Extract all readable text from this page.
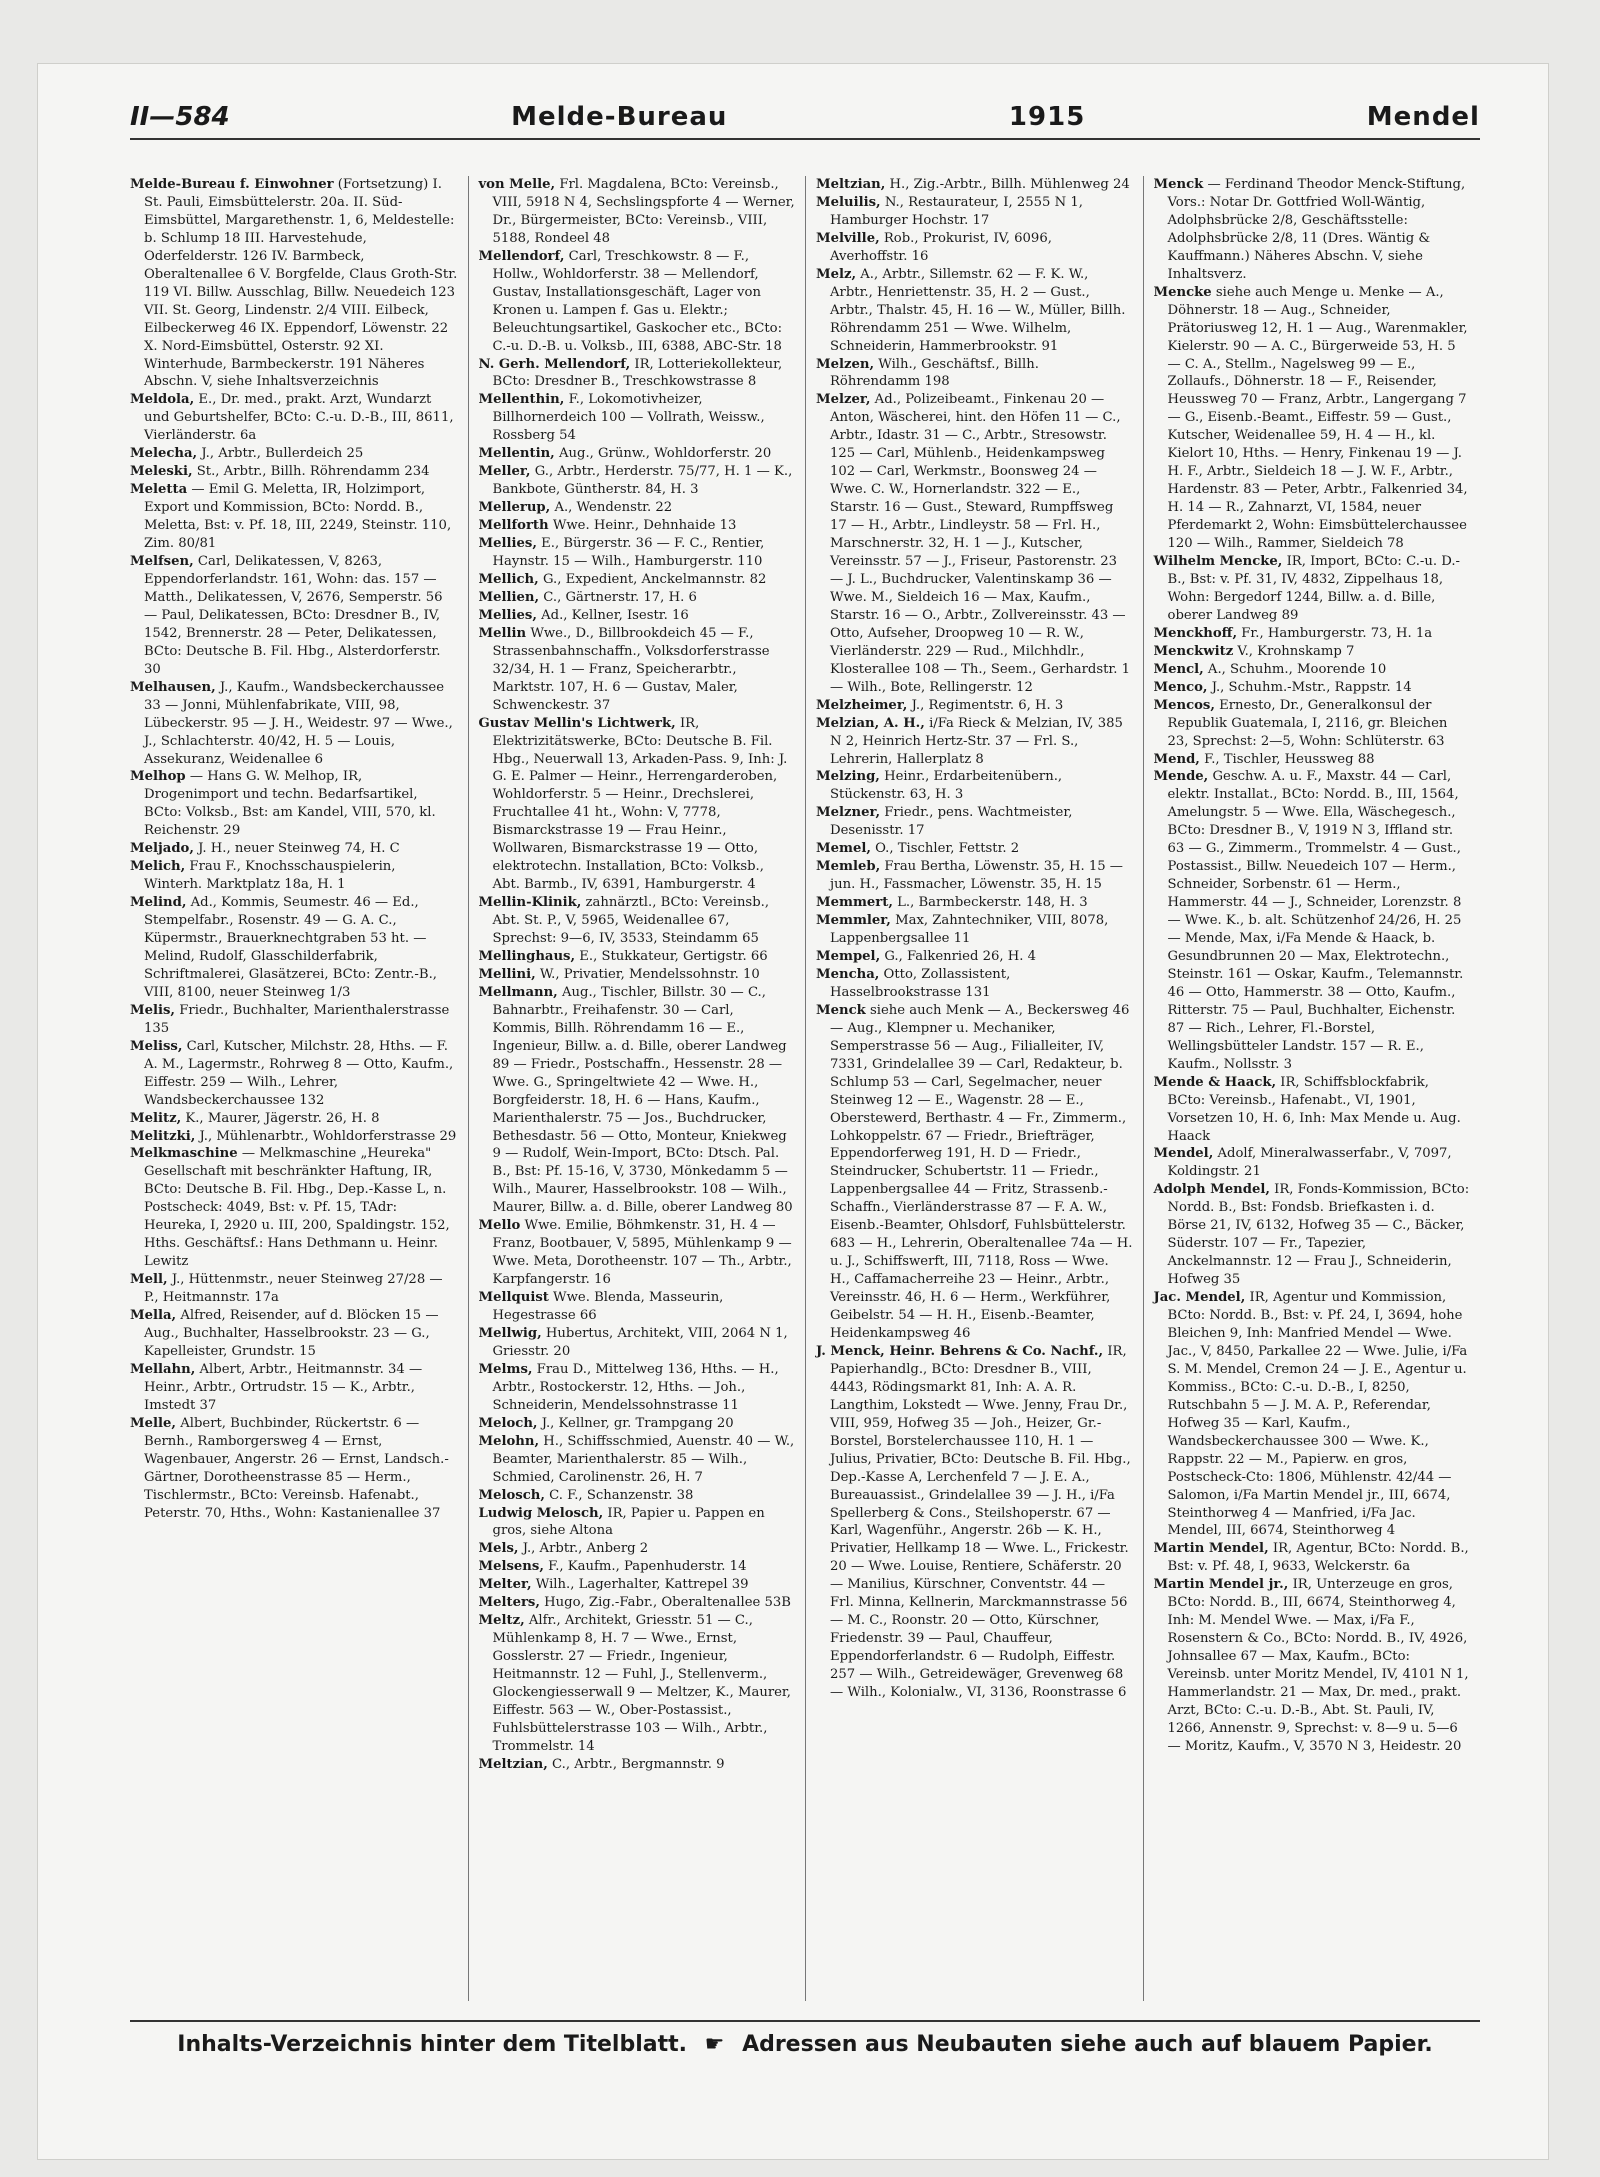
II—584	Melde-Bureau	1915	Mendel

Melde-Bureau f. Einwohner (Fortsetzung) I. St. Pauli, Eimsbüttelerstr. 20a. II. Süd-Eimsbüttel, Margarethenstr. 1, 6, Meldestelle: b. Schlump 18 III. Harvestehude, Oderfelderstr. 126 IV. Barmbeck, Oberaltenallee 6 V. Borgfelde, Claus Groth-Str. 119 VI. Billw. Ausschlag, Billw. Neuedeich 123 VII. St. Georg, Lindenstr. 2/4 VIII. Eilbeck, Eilbeckerweg 46 IX. Eppendorf, Löwenstr. 22 X. Nord-Eimsbüttel, Osterstr. 92 XI. Winterhude, Barmbeckerstr. 191 Näheres Abschn. V, siehe Inhaltsverzeichnis

Meldola, E., Dr. med., prakt. Arzt, Wundarzt und Geburtshelfer, BCto: C.-u. D.-B., III, 8611, Vierländerstr. 6a

Melecha, J., Arbtr., Bullerdeich 25

Meleski, St., Arbtr., Billh. Röhrendamm 234

Meletta — Emil G. Meletta, IR, Holzimport, Export und Kommission, BCto: Nordd. B., Meletta, Bst: v. Pf. 18, III, 2249, Steinstr. 110, Zim. 80/81

Melfsen, Carl, Delikatessen, V, 8263, Eppendorferlandstr. 161, Wohn: das. 157 — Matth., Delikatessen, V, 2676, Semperstr. 56 — Paul, Delikatessen, BCto: Dresdner B., IV, 1542, Brennerstr. 28 — Peter, Delikatessen, BCto: Deutsche B. Fil. Hbg., Alsterdorferstr. 30

Melhausen, J., Kaufm., Wandsbeckerchaussee 33 — Jonni, Mühlenfabrikate, VIII, 98, Lübeckerstr. 95 — J. H., Weidestr. 97 — Wwe., J., Schlachterstr. 40/42, H. 5 — Louis, Assekuranz, Weidenallee 6

Melhop — Hans G. W. Melhop, IR, Drogenimport und techn. Bedarfsartikel, BCto: Volksb., Bst: am Kandel, VIII, 570, kl. Reichenstr. 29

Meljado, J. H., neuer Steinweg 74, H. C

Melich, Frau F., Knochsschauspielerin, Winterh. Marktplatz 18a, H. 1

Melind, Ad., Kommis, Seumestr. 46 — Ed., Stempelfabr., Rosenstr. 49 — G. A. C., Küpermstr., Brauerknechtgraben 53 ht. — Melind, Rudolf, Glasschilderfabrik, Schriftmalerei, Glasätzerei, BCto: Zentr.-B., VIII, 8100, neuer Steinweg 1/3

Melis, Friedr., Buchhalter, Marienthalerstrasse 135

Meliss, Carl, Kutscher, Milchstr. 28, Hths. — F. A. M., Lagermstr., Rohrweg 8 — Otto, Kaufm., Eiffestr. 259 — Wilh., Lehrer, Wandsbeckerchaussee 132

Melitz, K., Maurer, Jägerstr. 26, H. 8

Melitzki, J., Mühlenarbtr., Wohldorferstrasse 29

Melkmaschine — Melkmaschine „Heureka" Gesellschaft mit beschränkter Haftung, IR, BCto: Deutsche B. Fil. Hbg., Dep.-Kasse L, n. Postscheck: 4049, Bst: v. Pf. 15, TAdr: Heureka, I, 2920 u. III, 200, Spaldingstr. 152, Hths. Geschäftsf.: Hans Dethmann u. Heinr. Lewitz

Mell, J., Hüttenmstr., neuer Steinweg 27/28 — P., Heitmannstr. 17a

Mella, Alfred, Reisender, auf d. Blöcken 15 — Aug., Buchhalter, Hasselbrookstr. 23 — G., Kapelleister, Grundstr. 15

Mellahn, Albert, Arbtr., Heitmannstr. 34 — Heinr., Arbtr., Ortrudstr. 15 — K., Arbtr., Imstedt 37

Melle, Albert, Buchbinder, Rückertstr. 6 — Bernh., Ramborgersweg 4 — Ernst, Wagenbauer, Angerstr. 26 — Ernst, Landsch.-Gärtner, Dorotheenstrasse 85 — Herm., Tischlermstr., BCto: Vereinsb. Hafenabt., Peterstr. 70, Hths., Wohn: Kastanienallee 37

von Melle, Frl. Magdalena, BCto: Vereinsb., VIII, 5918 N 4, Sechslingspforte 4 — Werner, Dr., Bürgermeister, BCto: Vereinsb., VIII, 5188, Rondeel 48

Mellendorf, Carl, Treschkowstr. 8 — F., Hollw., Wohldorferstr. 38 — Mellendorf, Gustav, Installationsgeschäft, Lager von Kronen u. Lampen f. Gas u. Elektr.; Beleuchtungsartikel, Gaskocher etc., BCto: C.-u. D.-B. u. Volksb., III, 6388, ABC-Str. 18

N. Gerh. Mellendorf, IR, Lotteriekollekteur, BCto: Dresdner B., Treschkowstrasse 8

Mellenthin, F., Lokomotivheizer, Billhornerdeich 100 — Vollrath, Weissw., Rossberg 54

Mellentin, Aug., Grünw., Wohldorferstr. 20

Meller, G., Arbtr., Herderstr. 75/77, H. 1 — K., Bankbote, Güntherstr. 84, H. 3

Mellerup, A., Wendenstr. 22

Mellforth Wwe. Heinr., Dehnhaide 13

Mellies, E., Bürgerstr. 36 — F. C., Rentier, Haynstr. 15 — Wilh., Hamburgerstr. 110

Mellich, G., Expedient, Anckelmannstr. 82

Mellien, C., Gärtnerstr. 17, H. 6

Mellies, Ad., Kellner, Isestr. 16

Mellin Wwe., D., Billbrookdeich 45 — F., Strassenbahnschaffn., Volksdorferstrasse 32/34, H. 1 — Franz, Speicherarbtr., Marktstr. 107, H. 6 — Gustav, Maler, Schwenckestr. 37

Gustav Mellin's Lichtwerk, IR, Elektrizitätswerke, BCto: Deutsche B. Fil. Hbg., Neuerwall 13, Arkaden-Pass. 9, Inh: J. G. E. Palmer — Heinr., Herrengarderoben, Wohldorferstr. 5 — Heinr., Drechslerei, Fruchtallee 41 ht., Wohn: V, 7778, Bismarckstrasse 19 — Frau Heinr., Wollwaren, Bismarckstrasse 19 — Otto, elektrotechn. Installation, BCto: Volksb., Abt. Barmb., IV, 6391, Hamburgerstr. 4

Mellin-Klinik, zahnärztl., BCto: Vereinsb., Abt. St. P., V, 5965, Weidenallee 67, Sprechst: 9—6, IV, 3533, Steindamm 65

Mellinghaus, E., Stukkateur, Gertigstr. 66

Mellini, W., Privatier, Mendelssohnstr. 10

Mellmann, Aug., Tischler, Billstr. 30 — C., Bahnarbtr., Freihafenstr. 30 — Carl, Kommis, Billh. Röhrendamm 16 — E., Ingenieur, Billw. a. d. Bille, oberer Landweg 89 — Friedr., Postschaffn., Hessenstr. 28 — Wwe. G., Springeltwiete 42 — Wwe. H., Borgfeiderstr. 18, H. 6 — Hans, Kaufm., Marienthalerstr. 75 — Jos., Buchdrucker, Bethesdastr. 56 — Otto, Monteur, Kniekweg 9 — Rudolf, Wein-Import, BCto: Dtsch. Pal. B., Bst: Pf. 15-16, V, 3730, Mönkedamm 5 — Wilh., Maurer, Hasselbrookstr. 108 — Wilh., Maurer, Billw. a. d. Bille, oberer Landweg 80

Mello Wwe. Emilie, Böhmkenstr. 31, H. 4 — Franz, Bootbauer, V, 5895, Mühlenkamp 9 — Wwe. Meta, Dorotheenstr. 107 — Th., Arbtr., Karpfangerstr. 16

Mellquist Wwe. Blenda, Masseurin, Hegestrasse 66

Mellwig, Hubertus, Architekt, VIII, 2064 N 1, Griesstr. 20

Melms, Frau D., Mittelweg 136, Hths. — H., Arbtr., Rostockerstr. 12, Hths. — Joh., Schneiderin, Mendelssohnstrasse 11

Meloch, J., Kellner, gr. Trampgang 20

Melohn, H., Schiffsschmied, Auenstr. 40 — W., Beamter, Marienthalerstr. 85 — Wilh., Schmied, Carolinenstr. 26, H. 7

Melosch, C. F., Schanzenstr. 38

Ludwig Melosch, IR, Papier u. Pappen en gros, siehe Altona

Mels, J., Arbtr., Anberg 2

Melsens, F., Kaufm., Papenhuderstr. 14

Melter, Wilh., Lagerhalter, Kattrepel 39

Melters, Hugo, Zig.-Fabr., Oberaltenallee 53B

Meltz, Alfr., Architekt, Griesstr. 51 — C., Mühlenkamp 8, H. 7 — Wwe., Ernst, Gosslerstr. 27 — Friedr., Ingenieur, Heitmannstr. 12 — Fuhl, J., Stellenverm., Glockengiesserwall 9 — Meltzer, K., Maurer, Eiffestr. 563 — W., Ober-Postassist., Fuhlsbüttelerstrasse 103 — Wilh., Arbtr., Trommelstr. 14

Meltzian, C., Arbtr., Bergmannstr. 9

Meltzian, H., Zig.-Arbtr., Billh. Mühlenweg 24

Meluilis, N., Restaurateur, I, 2555 N 1, Hamburger Hochstr. 17

Melville, Rob., Prokurist, IV, 6096, Averhoffstr. 16

Melz, A., Arbtr., Sillemstr. 62 — F. K. W., Arbtr., Henriettenstr. 35, H. 2 — Gust., Arbtr., Thalstr. 45, H. 16 — W., Müller, Billh. Röhrendamm 251 — Wwe. Wilhelm, Schneiderin, Hammerbrookstr. 91

Melzen, Wilh., Geschäftsf., Billh. Röhrendamm 198

Melzer, Ad., Polizeibeamt., Finkenau 20 — Anton, Wäscherei, hint. den Höfen 11 — C., Arbtr., Idastr. 31 — C., Arbtr., Stresowstr. 125 — Carl, Mühlenb., Heidenkampsweg 102 — Carl, Werkmstr., Boonsweg 24 — Wwe. C. W., Hornerlandstr. 322 — E., Starstr. 16 — Gust., Steward, Rumpffsweg 17 — H., Arbtr., Lindleystr. 58 — Frl. H., Marschnerstr. 32, H. 1 — J., Kutscher, Vereinsstr. 57 — J., Friseur, Pastorenstr. 23 — J. L., Buchdrucker, Valentinskamp 36 — Wwe. M., Sieldeich 16 — Max, Kaufm., Starstr. 16 — O., Arbtr., Zollvereinsstr. 43 — Otto, Aufseher, Droopweg 10 — R. W., Vierländerstr. 229 — Rud., Milchhdlr., Klosterallee 108 — Th., Seem., Gerhardstr. 1 — Wilh., Bote, Rellingerstr. 12

Melzheimer, J., Regimentstr. 6, H. 3

Melzian, A. H., i/Fa Rieck & Melzian, IV, 385 N 2, Heinrich Hertz-Str. 37 — Frl. S., Lehrerin, Hallerplatz 8

Melzing, Heinr., Erdarbeitenübern., Stückenstr. 63, H. 3

Melzner, Friedr., pens. Wachtmeister, Desenisstr. 17

Memel, O., Tischler, Fettstr. 2

Memleb, Frau Bertha, Löwenstr. 35, H. 15 — jun. H., Fassmacher, Löwenstr. 35, H. 15

Memmert, L., Barmbeckerstr. 148, H. 3

Memmler, Max, Zahntechniker, VIII, 8078, Lappenbergsallee 11

Mempel, G., Falkenried 26, H. 4

Mencha, Otto, Zollassistent, Hasselbrookstrasse 131

Menck siehe auch Menk — A., Beckersweg 46 — Aug., Klempner u. Mechaniker, Semperstrasse 56 — Aug., Filialleiter, IV, 7331, Grindelallee 39 — Carl, Redakteur, b. Schlump 53 — Carl, Segelmacher, neuer Steinweg 12 — E., Wagenstr. 28 — E., Oberstewerd, Berthastr. 4 — Fr., Zimmerm., Lohkoppelstr. 67 — Friedr., Briefträger, Eppendorferweg 191, H. D — Friedr., Steindrucker, Schubertstr. 11 — Friedr., Lappenbergsallee 44 — Fritz, Strassenb.-Schaffn., Vierländerstrasse 87 — F. A. W., Eisenb.-Beamter, Ohlsdorf, Fuhlsbüttelerstr. 683 — H., Lehrerin, Oberaltenallee 74a — H. u. J., Schiffswerft, III, 7118, Ross — Wwe. H., Caffamacherreihe 23 — Heinr., Arbtr., Vereinsstr. 46, H. 6 — Herm., Werkführer, Geibelstr. 54 — H. H., Eisenb.-Beamter, Heidenkampsweg 46

J. Menck, Heinr. Behrens & Co. Nachf., IR, Papierhandlg., BCto: Dresdner B., VIII, 4443, Rödingsmarkt 81, Inh: A. A. R. Langthim, Lokstedt — Wwe. Jenny, Frau Dr., VIII, 959, Hofweg 35 — Joh., Heizer, Gr.-Borstel, Borstelerchaussee 110, H. 1 — Julius, Privatier, BCto: Deutsche B. Fil. Hbg., Dep.-Kasse A, Lerchenfeld 7 — J. E. A., Bureauassist., Grindelallee 39 — J. H., i/Fa Spellerberg & Cons., Steilshoperstr. 67 — Karl, Wagenführ., Angerstr. 26b — K. H., Privatier, Hellkamp 18 — Wwe. L., Frickestr. 20 — Wwe. Louise, Rentiere, Schäferstr. 20 — Manilius, Kürschner, Conventstr. 44 — Frl. Minna, Kellnerin, Marckmannstrasse 56 — M. C., Roonstr. 20 — Otto, Kürschner, Friedenstr. 39 — Paul, Chauffeur, Eppendorferlandstr. 6 — Rudolph, Eiffestr. 257 — Wilh., Getreidewäger, Grevenweg 68 — Wilh., Kolonialw., VI, 3136, Roonstrasse 6

Menck — Ferdinand Theodor Menck-Stiftung, Vors.: Notar Dr. Gottfried Woll-Wäntig, Adolphsbrücke 2/8, Geschäftsstelle: Adolphsbrücke 2/8, 11 (Dres. Wäntig & Kauffmann.) Näheres Abschn. V, siehe Inhaltsverz.

Mencke siehe auch Menge u. Menke — A., Döhnerstr. 18 — Aug., Schneider, Prätoriusweg 12, H. 1 — Aug., Warenmakler, Kielerstr. 90 — A. C., Bürgerweide 53, H. 5 — C. A., Stellm., Nagelsweg 99 — E., Zollaufs., Döhnerstr. 18 — F., Reisender, Heussweg 70 — Franz, Arbtr., Langergang 7 — G., Eisenb.-Beamt., Eiffestr. 59 — Gust., Kutscher, Weidenallee 59, H. 4 — H., kl. Kielort 10, Hths. — Henry, Finkenau 19 — J. H. F., Arbtr., Sieldeich 18 — J. W. F., Arbtr., Hardenstr. 83 — Peter, Arbtr., Falkenried 34, H. 14 — R., Zahnarzt, VI, 1584, neuer Pferdemarkt 2, Wohn: Eimsbüttelerchaussee 120 — Wilh., Rammer, Sieldeich 78

Wilhelm Mencke, IR, Import, BCto: C.-u. D.-B., Bst: v. Pf. 31, IV, 4832, Zippelhaus 18, Wohn: Bergedorf 1244, Billw. a. d. Bille, oberer Landweg 89

Menckhoff, Fr., Hamburgerstr. 73, H. 1a

Menckwitz V., Krohnskamp 7

Mencl, A., Schuhm., Moorende 10

Menco, J., Schuhm.-Mstr., Rappstr. 14

Mencos, Ernesto, Dr., Generalkonsul der Republik Guatemala, I, 2116, gr. Bleichen 23, Sprechst: 2—5, Wohn: Schlüterstr. 63

Mend, F., Tischler, Heussweg 88

Mende, Geschw. A. u. F., Maxstr. 44 — Carl, elektr. Installat., BCto: Nordd. B., III, 1564, Amelungstr. 5 — Wwe. Ella, Wäschegesch., BCto: Dresdner B., V, 1919 N 3, Iffland str. 63 — G., Zimmerm., Trommelstr. 4 — Gust., Postassist., Billw. Neuedeich 107 — Herm., Schneider, Sorbenstr. 61 — Herm., Hammerstr. 44 — J., Schneider, Lorenzstr. 8 — Wwe. K., b. alt. Schützenhof 24/26, H. 25 — Mende, Max, i/Fa Mende & Haack, b. Gesundbrunnen 20 — Max, Elektrotechn., Steinstr. 161 — Oskar, Kaufm., Telemannstr. 46 — Otto, Hammerstr. 38 — Otto, Kaufm., Ritterstr. 75 — Paul, Buchhalter, Eichenstr. 87 — Rich., Lehrer, Fl.-Borstel, Wellingsbütteler Landstr. 157 — R. E., Kaufm., Nollsstr. 3

Mende & Haack, IR, Schiffsblockfabrik, BCto: Vereinsb., Hafenabt., VI, 1901, Vorsetzen 10, H. 6, Inh: Max Mende u. Aug. Haack

Mendel, Adolf, Mineralwasserfabr., V, 7097, Koldingstr. 21

Adolph Mendel, IR, Fonds-Kommission, BCto: Nordd. B., Bst: Fondsb. Briefkasten i. d. Börse 21, IV, 6132, Hofweg 35 — C., Bäcker, Süderstr. 107 — Fr., Tapezier, Anckelmannstr. 12 — Frau J., Schneiderin, Hofweg 35

Jac. Mendel, IR, Agentur und Kommission, BCto: Nordd. B., Bst: v. Pf. 24, I, 3694, hohe Bleichen 9, Inh: Manfried Mendel — Wwe. Jac., V, 8450, Parkallee 22 — Wwe. Julie, i/Fa S. M. Mendel, Cremon 24 — J. E., Agentur u. Kommiss., BCto: C.-u. D.-B., I, 8250, Rutschbahn 5 — J. M. A. P., Referendar, Hofweg 35 — Karl, Kaufm., Wandsbeckerchaussee 300 — Wwe. K., Rappstr. 22 — M., Papierw. en gros, Postscheck-Cto: 1806, Mühlenstr. 42/44 — Salomon, i/Fa Martin Mendel jr., III, 6674, Steinthorweg 4 — Manfried, i/Fa Jac. Mendel, III, 6674, Steinthorweg 4

Martin Mendel, IR, Agentur, BCto: Nordd. B., Bst: v. Pf. 48, I, 9633, Welckerstr. 6a

Martin Mendel jr., IR, Unterzeuge en gros, BCto: Nordd. B., III, 6674, Steinthorweg 4, Inh: M. Mendel Wwe. — Max, i/Fa F., Rosenstern & Co., BCto: Nordd. B., IV, 4926, Johnsallee 67 — Max, Kaufm., BCto: Vereinsb. unter Moritz Mendel, IV, 4101 N 1, Hammerlandstr. 21 — Max, Dr. med., prakt. Arzt, BCto: C.-u. D.-B., Abt. St. Pauli, IV, 1266, Annenstr. 9, Sprechst: v. 8—9 u. 5—6 — Moritz, Kaufm., V, 3570 N 3, Heidestr. 20

Inhalts-Verzeichnis hinter dem Titelblatt. ☛ Adressen aus Neubauten siehe auch auf blauem Papier.
